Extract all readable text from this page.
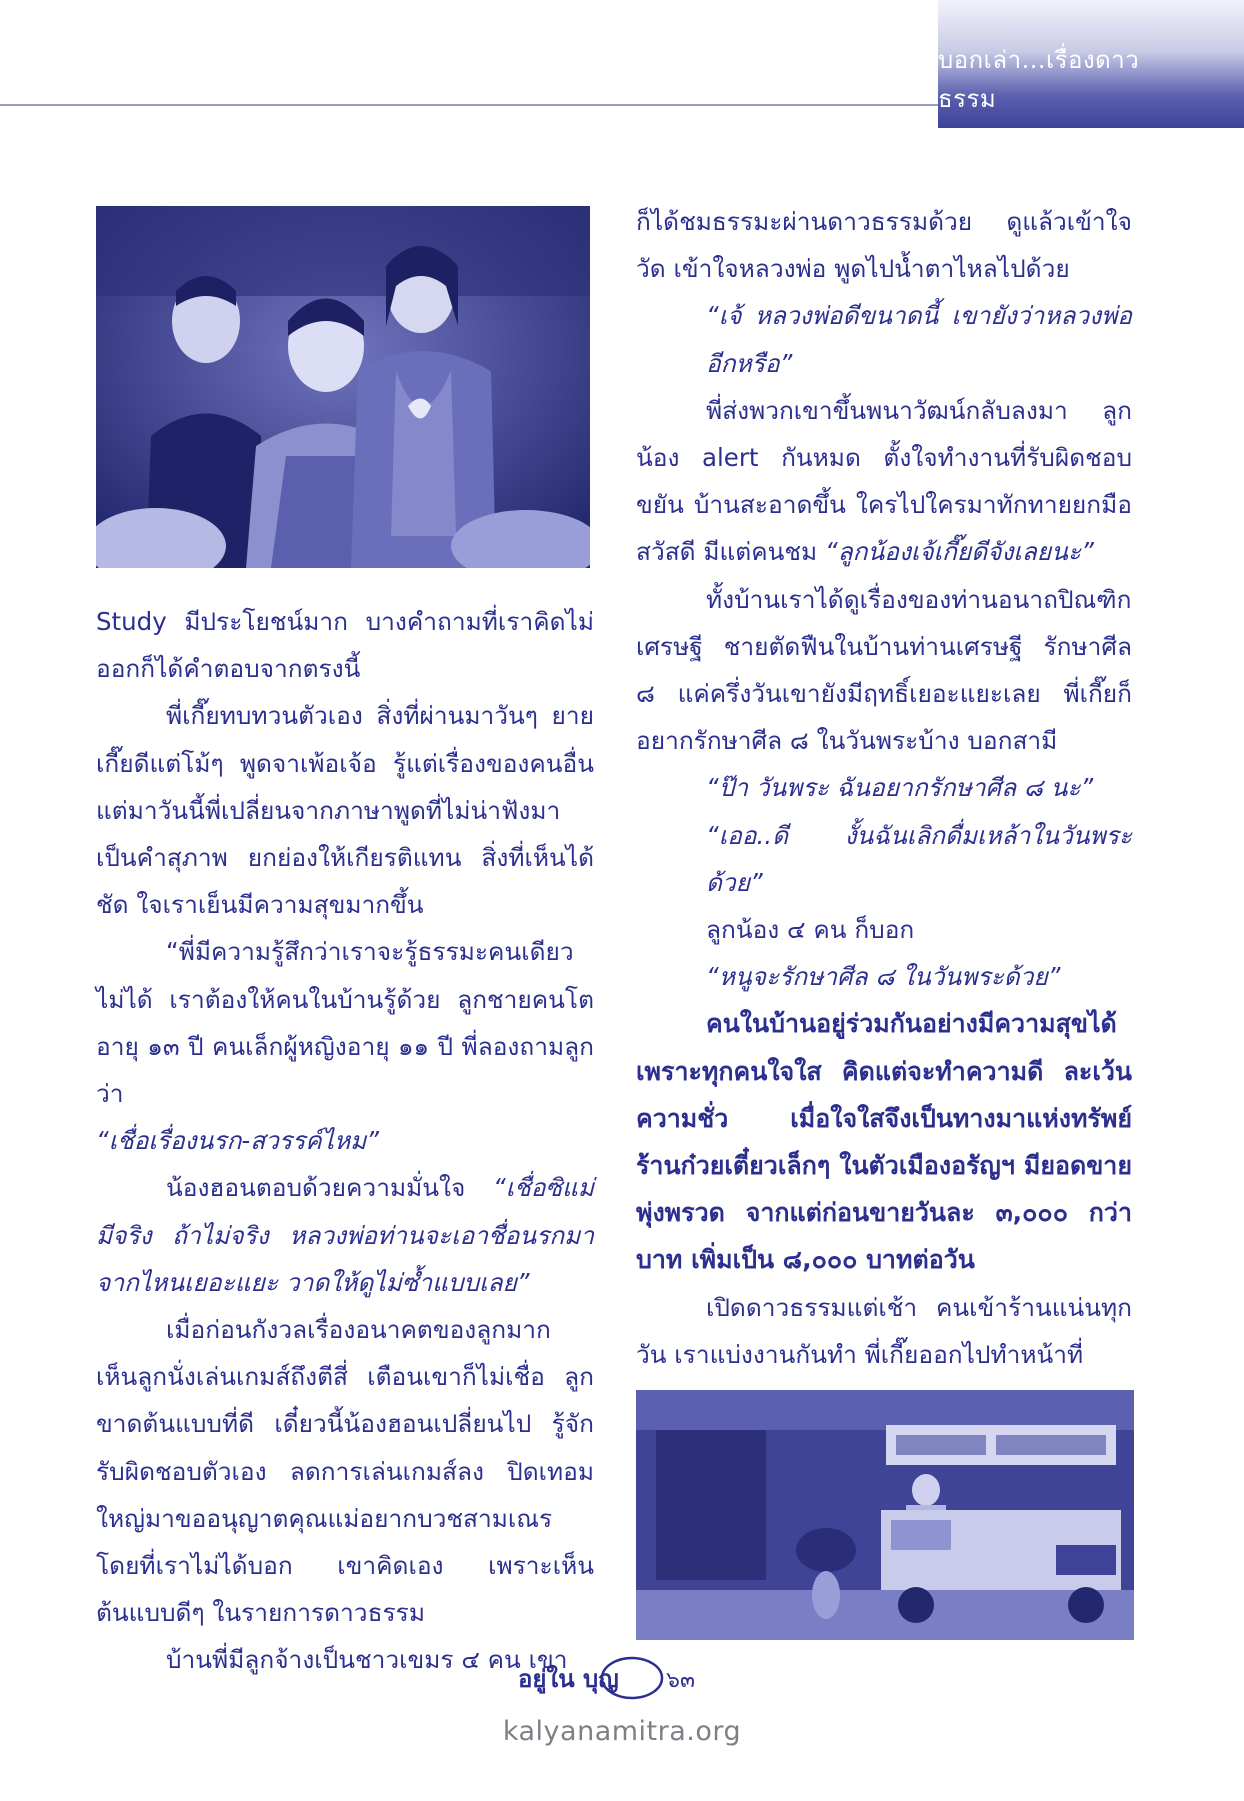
บอกเล่า...เรื่องดาวธรรม
Study มีประโยชน์มาก บางคำถามที่เราคิดไม่ออกก็ได้คำตอบจากตรงนี้
พี่เกี๊ยทบทวนตัวเอง สิ่งที่ผ่านมาวันๆ ยายเกี๊ยดีแต่โม้ๆ พูดจาเพ้อเจ้อ รู้แต่เรื่องของคนอื่น แต่มาวันนี้พี่เปลี่ยนจากภาษาพูดที่ไม่น่าฟังมาเป็นคำสุภาพ ยกย่องให้เกียรติแทน สิ่งที่เห็นได้ชัด ใจเราเย็นมีความสุขมากขึ้น
“พี่มีความรู้สึกว่าเราจะรู้ธรรมะคนเดียวไม่ได้ เราต้องให้คนในบ้านรู้ด้วย ลูกชายคนโตอายุ ๑๓ ปี คนเล็กผู้หญิงอายุ ๑๑ ปี พี่ลองถามลูกว่า
“เชื่อเรื่องนรก-สวรรค์ไหม”
น้องฮอนตอบด้วยความมั่นใจ “เชื่อซิแม่ มีจริง ถ้าไม่จริง หลวงพ่อท่านจะเอาชื่อนรกมาจากไหนเยอะแยะ วาดให้ดูไม่ซ้ำแบบเลย”
เมื่อก่อนกังวลเรื่องอนาคตของลูกมาก เห็นลูกนั่งเล่นเกมส์ถึงตีสี่ เตือนเขาก็ไม่เชื่อ ลูกขาดต้นแบบที่ดี เดี๋ยวนี้น้องฮอนเปลี่ยนไป รู้จักรับผิดชอบตัวเอง ลดการเล่นเกมส์ลง ปิดเทอมใหญ่มาขออนุญาตคุณแม่อยากบวชสามเณร โดยที่เราไม่ได้บอก เขาคิดเอง เพราะเห็นต้นแบบดีๆ ในรายการดาวธรรม
บ้านพี่มีลูกจ้างเป็นชาวเขมร ๔ คน เขา
ก็ได้ชมธรรมะผ่านดาวธรรมด้วย ดูแล้วเข้าใจวัด เข้าใจหลวงพ่อ พูดไปน้ำตาไหลไปด้วย
“เจ้ หลวงพ่อดีขนาดนี้ เขายังว่าหลวงพ่ออีกหรือ”
พี่ส่งพวกเขาขึ้นพนาวัฒน์กลับลงมา ลูกน้อง alert กันหมด ตั้งใจทำงานที่รับผิดชอบ ขยัน บ้านสะอาดขึ้น ใครไปใครมาทักทายยกมือสวัสดี มีแต่คนชม “ลูกน้องเจ้เกี๊ยดีจังเลยนะ”
ทั้งบ้านเราได้ดูเรื่องของท่านอนาถปิณฑิกเศรษฐี ชายตัดฟืนในบ้านท่านเศรษฐี รักษาศีล ๘ แค่ครึ่งวันเขายังมีฤทธิ์เยอะแยะเลย พี่เกี๊ยก็อยากรักษาศีล ๘ ในวันพระบ้าง บอกสามี
“ป๊า วันพระ ฉันอยากรักษาศีล ๘ นะ”
“เออ..ดี งั้นฉันเลิกดื่มเหล้าในวันพระด้วย”
ลูกน้อง ๔ คน ก็บอก
“หนูจะรักษาศีล ๘ ในวันพระด้วย”
คนในบ้านอยู่ร่วมกันอย่างมีความสุขได้ เพราะทุกคนใจใส คิดแต่จะทำความดี ละเว้นความชั่ว เมื่อใจใสจึงเป็นทางมาแห่งทรัพย์ ร้านก๋วยเตี๋ยวเล็กๆ ในตัวเมืองอรัญฯ มียอดขายพุ่งพรวด จากแต่ก่อนขายวันละ ๓,๐๐๐ กว่าบาท เพิ่มเป็น ๘,๐๐๐ บาทต่อวัน
เปิดดาวธรรมแต่เช้า คนเข้าร้านแน่นทุกวัน เราแบ่งงานกันทำ พี่เกี๊ยออกไปทำหน้าที่
อยู่ใน บุญ ๖๓
kalyanamitra.org
